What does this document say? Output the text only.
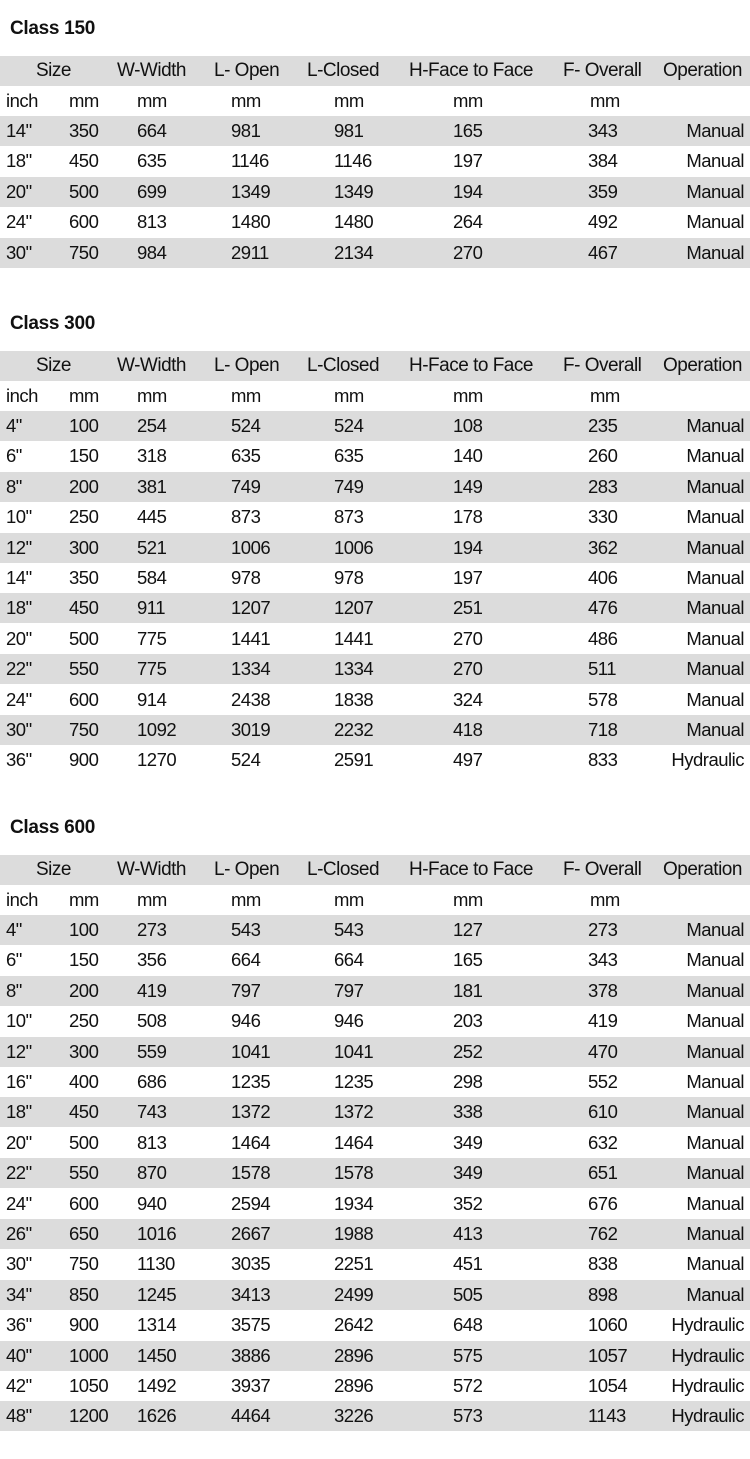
Class 150
Size W-Width L- Open L-Closed H-Face to Face F- Overall Operation
inch mm mm	mm	mm	mm	mm
14" 350 664	981	981	165	343	Manual
18" 450 635	1146	1146	197	384	Manual
20" 500 699	1349	1349	194	359	Manual
24" 600 813	1480	1480	264	492	Manual
30" 750 984	2911	2134	270	467	Manual
Class 300
Size W-Width L- Open L-Closed H-Face to Face F- Overall Operation
inch mm mm	mm	mm	mm	mm
4"	100 254	524	524	108	235	Manual
6"	150 318	635	635	140	260	Manual
8"	200 381	749	749	149	283	Manual
10" 250 445	873	873	178	330	Manual
12" 300 521	1006	1006	194	362	Manual
14" 350 584	978	978	197	406	Manual
18" 450 911	1207	1207	251	476	Manual
20" 500 775	1441	1441	270	486	Manual
22" 550 775	1334	1334	270	511	Manual
24" 600 914	2438	1838	324	578	Manual
30" 750 1092	3019	2232	418	718	Manual
36" 900 1270	524	2591	497	833	Hydraulic
Class 600
Size W-Width L- Open L-Closed H-Face to Face F- Overall Operation
inch mm mm	mm	mm	mm	mm
4"	100 273	543	543	127	273	Manual
6"	150 356	664	664	165	343	Manual
8"	200 419	797	797	181	378	Manual
10" 250 508	946	946	203	419	Manual
12" 300 559	1041	1041	252	470	Manual
16" 400 686	1235	1235	298	552	Manual
18" 450 743	1372	1372	338	610	Manual
20" 500 813	1464	1464	349	632	Manual
22" 550 870	1578	1578	349	651	Manual
24" 600 940	2594	1934	352	676	Manual
26" 650 1016	2667	1988	413	762	Manual
30" 750 1130	3035	2251	451	838	Manual
34" 850 1245	3413	2499	505	898	Manual
36" 900 1314	3575	2642	648	1060 Hydraulic
40" 1000 1450	3886	2896	575	1057 Hydraulic
42" 1050 1492	3937	2896	572	1054 Hydraulic
48" 1200 1626	4464	3226	573	1143 Hydraulic
